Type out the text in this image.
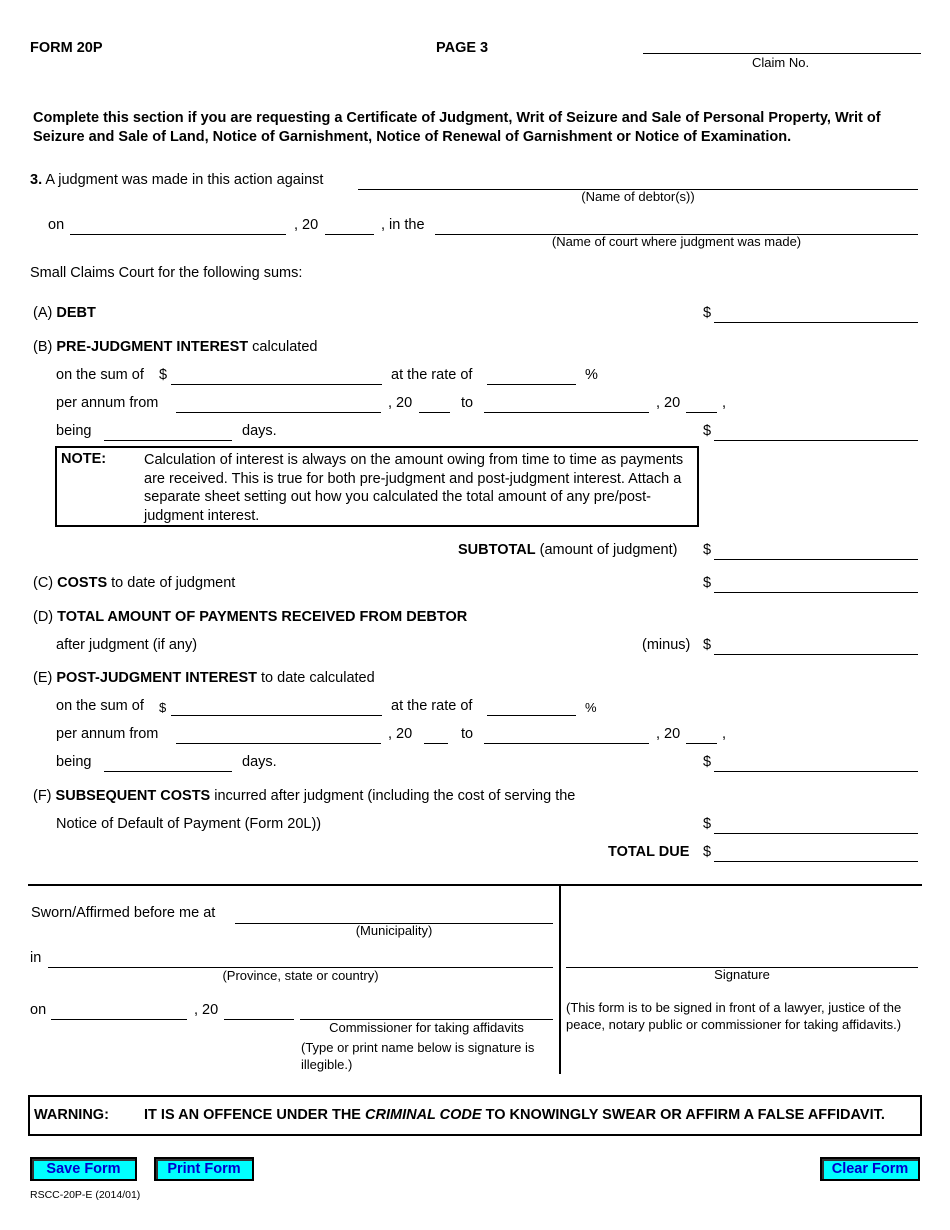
FORM 20P	PAGE 3
Claim No.
Complete this section if you are requesting a Certificate of Judgment, Writ of Seizure and Sale of Personal Property, Writ of Seizure and Sale of Land, Notice of Garnishment, Notice of Renewal of Garnishment or Notice of Examination.
3. A judgment was made in this action against
(Name of debtor(s))
on	, 20	, in the
(Name of court where judgment was made)
Small Claims Court for the following sums:
(A) DEBT	$
(B) PRE-JUDGMENT INTEREST calculated
on the sum of $	at the rate of	%
per annum from	, 20	to	, 20	,
being	days.	$
NOTE:	Calculation of interest is always on the amount owing from time to time as payments are received. This is true for both pre-judgment and post-judgment interest. Attach a separate sheet setting out how you calculated the total amount of any pre/post-judgment interest.
SUBTOTAL (amount of judgment) $
(C) COSTS to date of judgment	$
(D) TOTAL AMOUNT OF PAYMENTS RECEIVED FROM DEBTOR
after judgment (if any)	(minus) $
(E) POST-JUDGMENT INTEREST to date calculated
on the sum of $	at the rate of	%
per annum from	, 20	to	, 20	,
being	days.	$
(F) SUBSEQUENT COSTS incurred after judgment (including the cost of serving the
Notice of Default of Payment (Form 20L))	$
TOTAL DUE $
Sworn/Affirmed before me at
(Municipality)
in
(Province, state or country)
on	, 20
Commissioner for taking affidavits
(Type or print name below is signature is illegible.)
Signature
(This form is to be signed in front of a lawyer, justice of the peace, notary public or commissioner for taking affidavits.)
WARNING: IT IS AN OFFENCE UNDER THE CRIMINAL CODE TO KNOWINGLY SWEAR OR AFFIRM A FALSE AFFIDAVIT.
Save Form	Print Form	Clear Form
RSCC-20P-E (2014/01)
